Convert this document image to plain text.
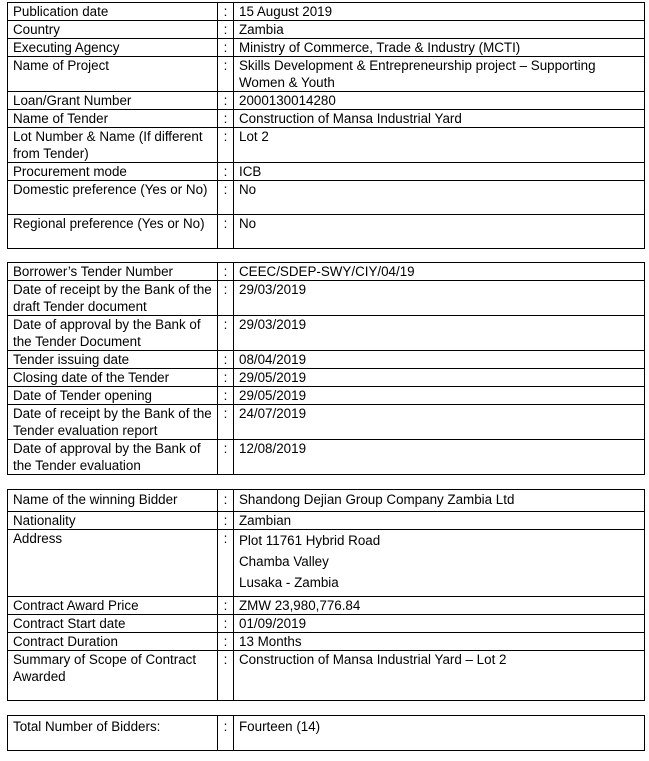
Publication date	:	15 August 2019
Country	:	Zambia
Executing Agency	:	Ministry of Commerce, Trade & Industry (MCTI)
Name of Project	:	Skills Development & Entrepreneurship project – Supporting Women & Youth
Loan/Grant Number	:	2000130014280
Name of Tender	:	Construction of Mansa Industrial Yard
Lot Number & Name (If different from Tender)	:	Lot 2
Procurement mode	:	ICB
Domestic preference (Yes or No)	:	No
Regional preference (Yes or No)	:	No
Borrower’s Tender Number	:	CEEC/SDEP-SWY/CIY/04/19
Date of receipt by the Bank of the draft Tender document	:	29/03/2019
Date of approval by the Bank of the Tender Document	:	29/03/2019
Tender issuing date	:	08/04/2019
Closing date of the Tender	:	29/05/2019
Date of Tender opening	:	29/05/2019
Date of receipt by the Bank of the Tender evaluation report	:	24/07/2019
Date of approval by the Bank of the Tender evaluation	:	12/08/2019
Name of the winning Bidder	:	Shandong Dejian Group Company Zambia Ltd
Nationality	:	Zambian
Address	:	Plot 11761 Hybrid Road
Chamba Valley
Lusaka - Zambia

Contract Award Price	:	ZMW 23,980,776.84
Contract Start date	:	01/09/2019
Contract Duration	:	13 Months
Summary of Scope of Contract Awarded	:	Construction of Mansa Industrial Yard – Lot 2
Total Number of Bidders:	:	Fourteen (14)
